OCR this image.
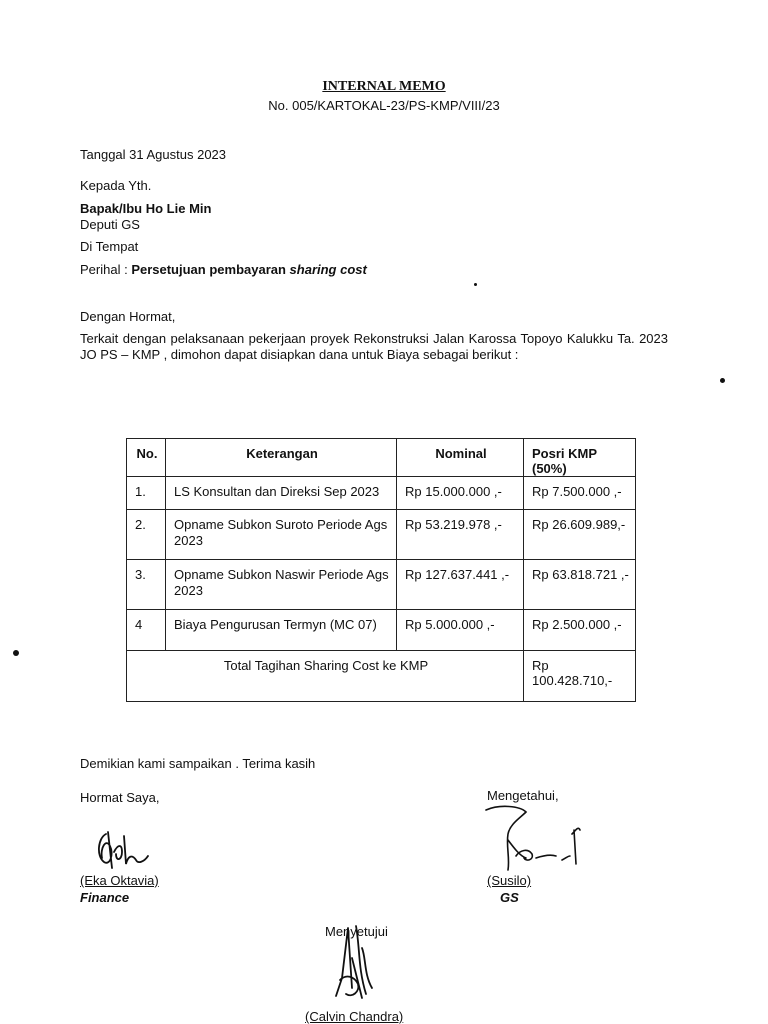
INTERNAL MEMO
No. 005/KARTOKAL-23/PS-KMP/VIII/23
Tanggal 31 Agustus 2023
Kepada Yth.
Bapak/Ibu Ho Lie Min
Deputi GS
Di Tempat
Perihal : Persetujuan pembayaran sharing cost
Dengan Hormat,
Terkait dengan pelaksanaan pekerjaan proyek Rekonstruksi Jalan Karossa Topoyo Kalukku Ta. 2023 JO PS – KMP , dimohon dapat disiapkan dana untuk Biaya sebagai berikut :
No.	Keterangan	Nominal	Posri KMP (50%)
1.	LS Konsultan dan Direksi Sep 2023	Rp 15.000.000 ,-	Rp 7.500.000 ,-
2.	Opname Subkon Suroto Periode Ags 2023	Rp 53.219.978 ,-	Rp 26.609.989,-
3.	Opname Subkon Naswir Periode Ags 2023	Rp 127.637.441 ,-	Rp 63.818.721 ,-
4	Biaya Pengurusan Termyn (MC 07)	Rp 5.000.000 ,-	Rp 2.500.000 ,-
Total Tagihan Sharing Cost ke KMP			Rp 100.428.710,-
Demikian kami sampaikan . Terima kasih
Hormat Saya,
(Eka Oktavia)
Finance
Mengetahui,
(Susilo)
GS
Menyetujui
(Calvin Chandra)
